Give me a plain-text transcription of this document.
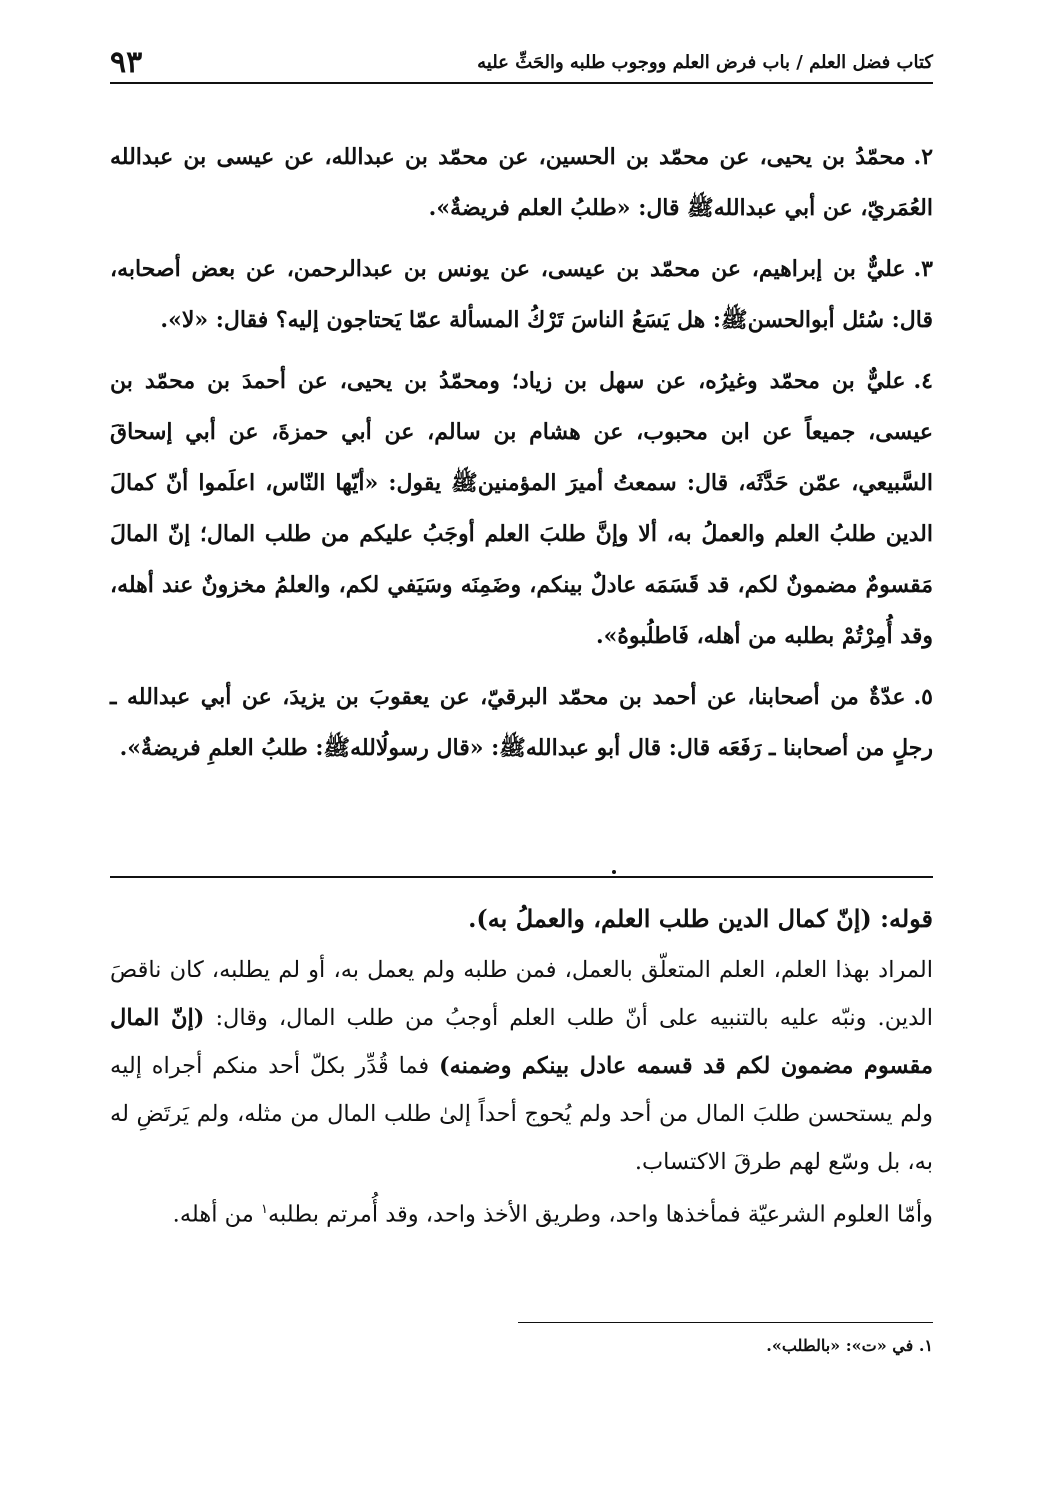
كتاب فضل العلم / باب فرض العلم ووجوب طلبه والحَثِّ عليه
٩٣

٢.محمّدُ بن يحيى، عن محمّد بن الحسين، عن محمّد بن عبدالله، عن عيسى بن عبدالله العُمَريّ، عن أبي عبداللهﷺ قال: «طلبُ العلم فريضةٌ».

٣.عليٌّ بن إبراهيم، عن محمّد بن عيسى، عن يونس بن عبدالرحمن، عن بعض أصحابه، قال: سُئل أبوالحسنﷺ: هل يَسَعُ الناسَ تَرْكُ المسألة عمّا يَحتاجون إليه؟ فقال: «لا».

٤.عليٌّ بن محمّد وغيرُه، عن سهل بن زياد؛ ومحمّدُ بن يحيى، عن أحمدَ بن محمّد بن عيسى، جميعاً عن ابن محبوب، عن هشام بن سالم، عن أبي حمزةَ، عن أبي إسحاقَ السَّبيعي، عمّن حَدَّثَه، قال: سمعتُ أميرَ المؤمنينﷺ يقول: «أيّها النّاس، اعلَموا أنّ كمالَ الدين طلبُ العلم والعملُ به، ألا وإنَّ طلبَ العلم أوجَبُ عليكم من طلب المال؛ إنّ المالَ مَقسومٌ مضمونٌ لكم، قد قَسَمَه عادلٌ بينكم، وضَمِنَه وسَيَفي لكم، والعلمُ مخزونٌ عند أهله، وقد أُمِرْتُمْ بطلبه من أهله، فَاطلُبوهُ».

٥.عدّةٌ من أصحابنا، عن أحمد بن محمّد البرقيّ، عن يعقوبَ بن يزيدَ، عن أبي عبدالله ـ رجلٍ من أصحابنا ـ رَفَعَه قال: قال أبو عبداللهﷺ: «قال رسولُاللهﷺ: طلبُ العلمِ فريضةٌ».

قوله: (إنّ كمال الدين طلب العلم، والعملُ به).

المراد بهذا العلم، العلم المتعلّق بالعمل، فمن طلبه ولم يعمل به، أو لم يطلبه، كان ناقصَ الدين. ونبّه عليه بالتنبيه على أنّ طلب العلم أوجبُ من طلب المال، وقال: (إنّ المال مقسوم مضمون لكم قد قسمه عادل بينكم وضمنه) فما قُدِّر بكلّ أحد منكم أجراه إليه ولم يستحسن طلبَ المال من أحد ولم يُحوج أحداً إلىٰ طلب المال من مثله، ولم يَرتَضِ له به، بل وسّع لهم طرقَ الاكتساب.

وأمّا العلوم الشرعيّة فمأخذها واحد، وطريق الأخذ واحد، وقد أُمرتم بطلبه$^١$ من أهله.

١. في «ت»: «بالطلب».
